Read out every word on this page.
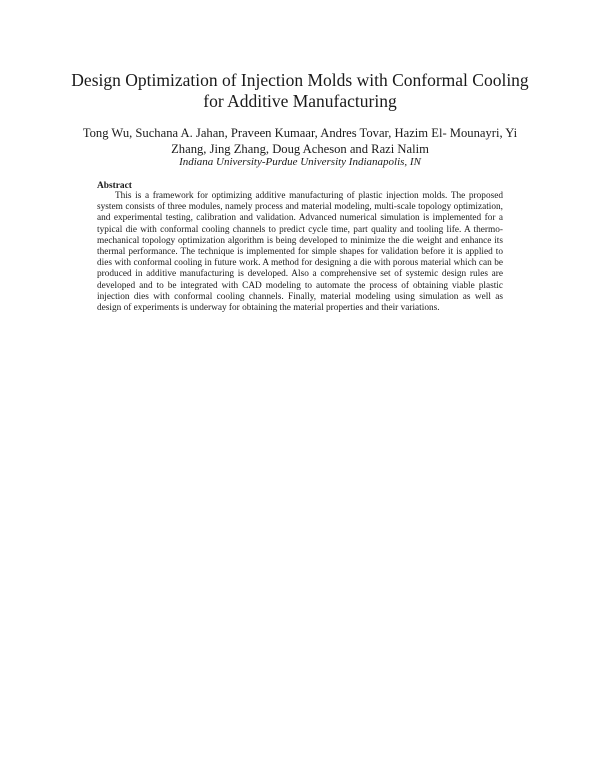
Design Optimization of Injection Molds with Conformal Cooling for Additive Manufacturing

Tong Wu, Suchana A. Jahan, Praveen Kumaar, Andres Tovar, Hazim El- Mounayri, Yi Zhang, Jing Zhang, Doug Acheson and Razi Nalim

Indiana University-Purdue University Indianapolis, IN

Abstract

This is a framework for optimizing additive manufacturing of plastic injection molds. The proposed system consists of three modules, namely process and material modeling, multi-scale topology optimization, and experimental testing, calibration and validation. Advanced numerical simulation is implemented for a typical die with conformal cooling channels to predict cycle time, part quality and tooling life. A thermo-mechanical topology optimization algorithm is being developed to minimize the die weight and enhance its thermal performance. The technique is implemented for simple shapes for validation before it is applied to dies with conformal cooling in future work. A method for designing a die with porous material which can be produced in additive manufacturing is developed. Also a comprehensive set of systemic design rules are developed and to be integrated with CAD modeling to automate the process of obtaining viable plastic injection dies with conformal cooling channels. Finally, material modeling using simulation as well as design of experiments is underway for obtaining the material properties and their variations.
